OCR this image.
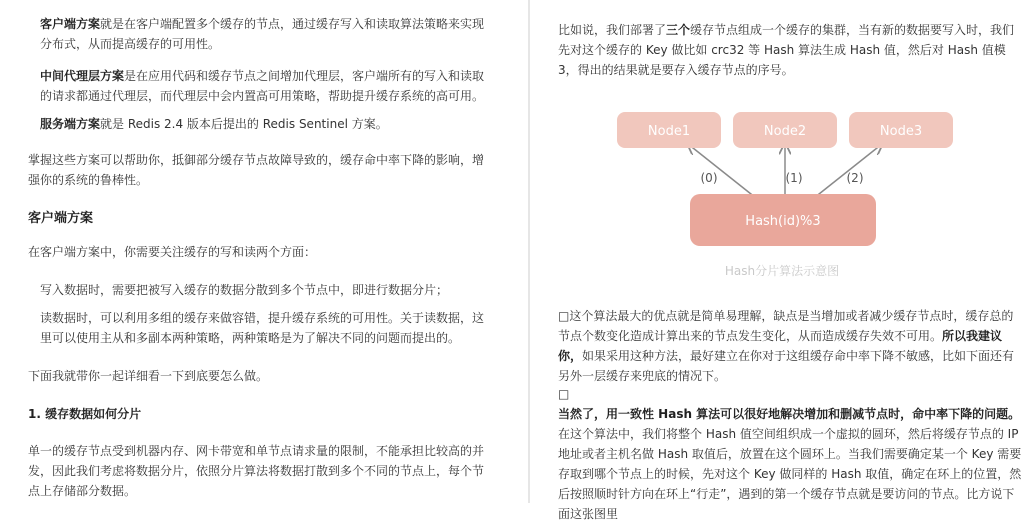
客户端方案就是在客户端配置多个缓存的节点，通过缓存写入和读取算法策略来实现分布式，从而提高缓存的可用性。

中间代理层方案是在应用代码和缓存节点之间增加代理层，客户端所有的写入和读取的请求都通过代理层，而代理层中会内置高可用策略，帮助提升缓存系统的高可用。

服务端方案就是 Redis 2.4 版本后提出的 Redis Sentinel 方案。

掌握这些方案可以帮助你，抵御部分缓存节点故障导致的，缓存命中率下降的影响，增强你的系统的鲁棒性。

客户端方案

在客户端方案中，你需要关注缓存的写和读两个方面：

写入数据时，需要把被写入缓存的数据分散到多个节点中，即进行数据分片；

读数据时，可以利用多组的缓存来做容错，提升缓存系统的可用性。关于读数据，这里可以使用主从和多副本两种策略，两种策略是为了解决不同的问题而提出的。

下面我就带你一起详细看一下到底要怎么做。

1. 缓存数据如何分片

单一的缓存节点受到机器内存、网卡带宽和单节点请求量的限制，不能承担比较高的并发，因此我们考虑将数据分片，依照分片算法将数据打散到多个不同的节点上，每个节点上存储部分数据。

比如说，我们部署了三个缓存节点组成一个缓存的集群，当有新的数据要写入时，我们先对这个缓存的 Key 做比如 crc32 等 Hash 算法生成 Hash 值，然后对 Hash 值模 3，得出的结果就是要存入缓存节点的序号。

Node1	Node2	Node3
(0)	(1)	(2)
Hash(id)%3
Hash分片算法示意图

□这个算法最大的优点就是简单易理解，缺点是当增加或者减少缓存节点时，缓存总的节点个数变化造成计算出来的节点发生变化，从而造成缓存失效不可用。所以我建议你，如果采用这种方法，最好建立在你对于这组缓存命中率下降不敏感，比如下面还有另外一层缓存来兜底的情况下。

□

当然了，用一致性 Hash 算法可以很好地解决增加和删减节点时，命中率下降的问题。在这个算法中，我们将整个 Hash 值空间组织成一个虚拟的圆环，然后将缓存节点的 IP 地址或者主机名做 Hash 取值后，放置在这个圆环上。当我们需要确定某一个 Key 需要存取到哪个节点上的时候，先对这个 Key 做同样的 Hash 取值，确定在环上的位置，然后按照顺时针方向在环上“行走”，遇到的第一个缓存节点就是要访问的节点。比方说下面这张图里
